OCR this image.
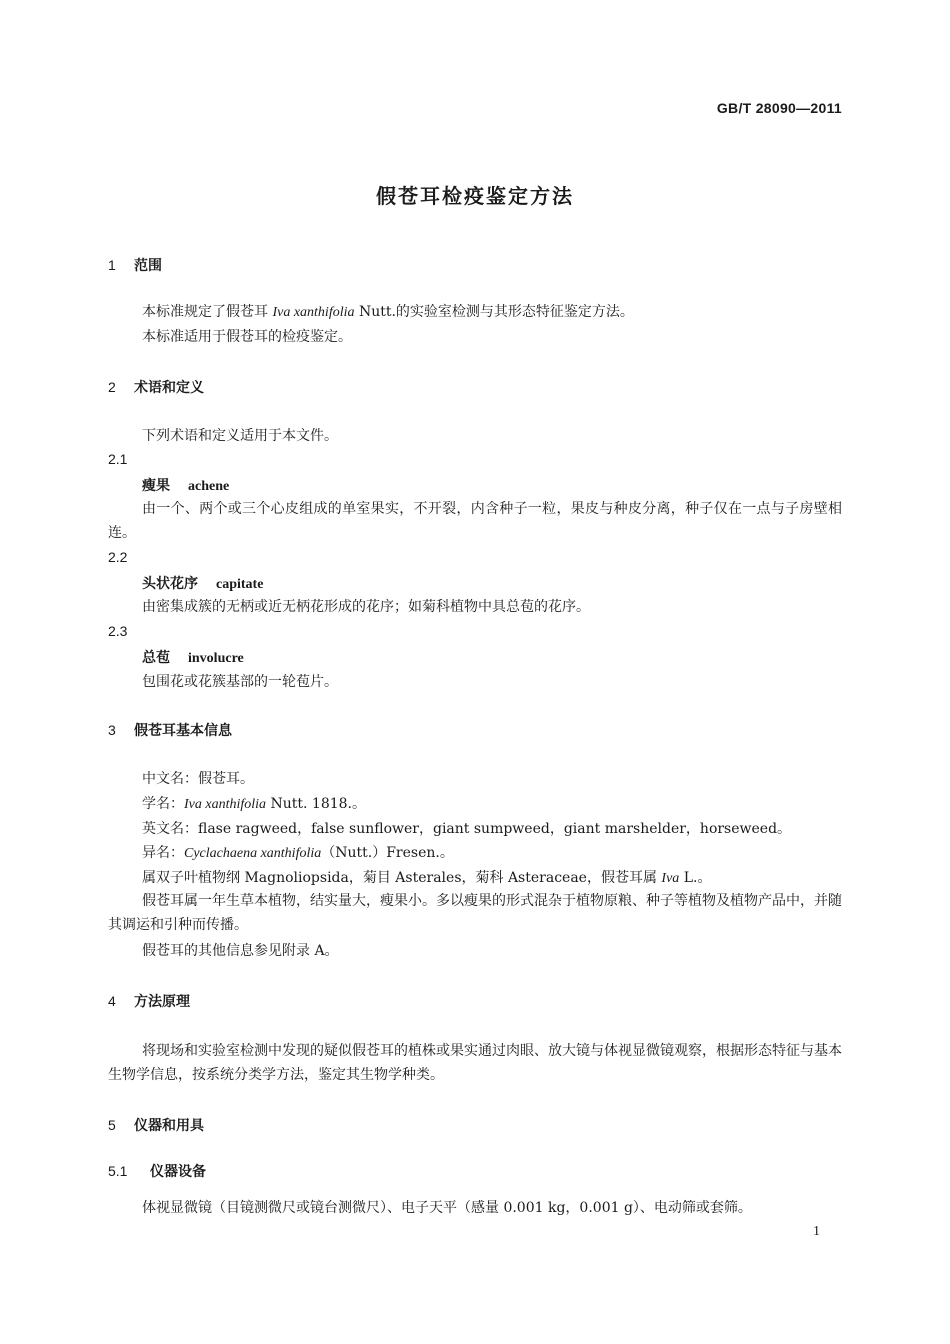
GB/T 28090—2011
假苍耳检疫鉴定方法
1 范围
本标准规定了假苍耳 Iva xanthifolia Nutt.的实验室检测与其形态特征鉴定方法。
本标准适用于假苍耳的检疫鉴定。
2 术语和定义
下列术语和定义适用于本文件。
2.1
瘦果 achene
由一个、两个或三个心皮组成的单室果实，不开裂，内含种子一粒，果皮与种皮分离，种子仅在一点与子房壁相连。
2.2
头状花序 capitate
由密集成簇的无柄或近无柄花形成的花序；如菊科植物中具总苞的花序。
2.3
总苞 involucre
包围花或花簇基部的一轮苞片。
3 假苍耳基本信息
中文名：假苍耳。
学名：Iva xanthifolia Nutt. 1818.。
英文名：flase ragweed，false sunflower，giant sumpweed，giant marshelder，horseweed。
异名：Cyclachaena xanthifolia（Nutt.）Fresen.。
属双子叶植物纲 Magnoliopsida，菊目 Asterales，菊科 Asteraceae，假苍耳属 Iva L.。
假苍耳属一年生草本植物，结实量大，瘦果小。多以瘦果的形式混杂于植物原粮、种子等植物及植物产品中，并随其调运和引种而传播。
假苍耳的其他信息参见附录 A。
4 方法原理
将现场和实验室检测中发现的疑似假苍耳的植株或果实通过肉眼、放大镜与体视显微镜观察，根据形态特征与基本生物学信息，按系统分类学方法，鉴定其生物学种类。
5 仪器和用具
5.1 仪器设备
体视显微镜（目镜测微尺或镜台测微尺）、电子天平（感量 0.001 kg，0.001 g）、电动筛或套筛。
1
